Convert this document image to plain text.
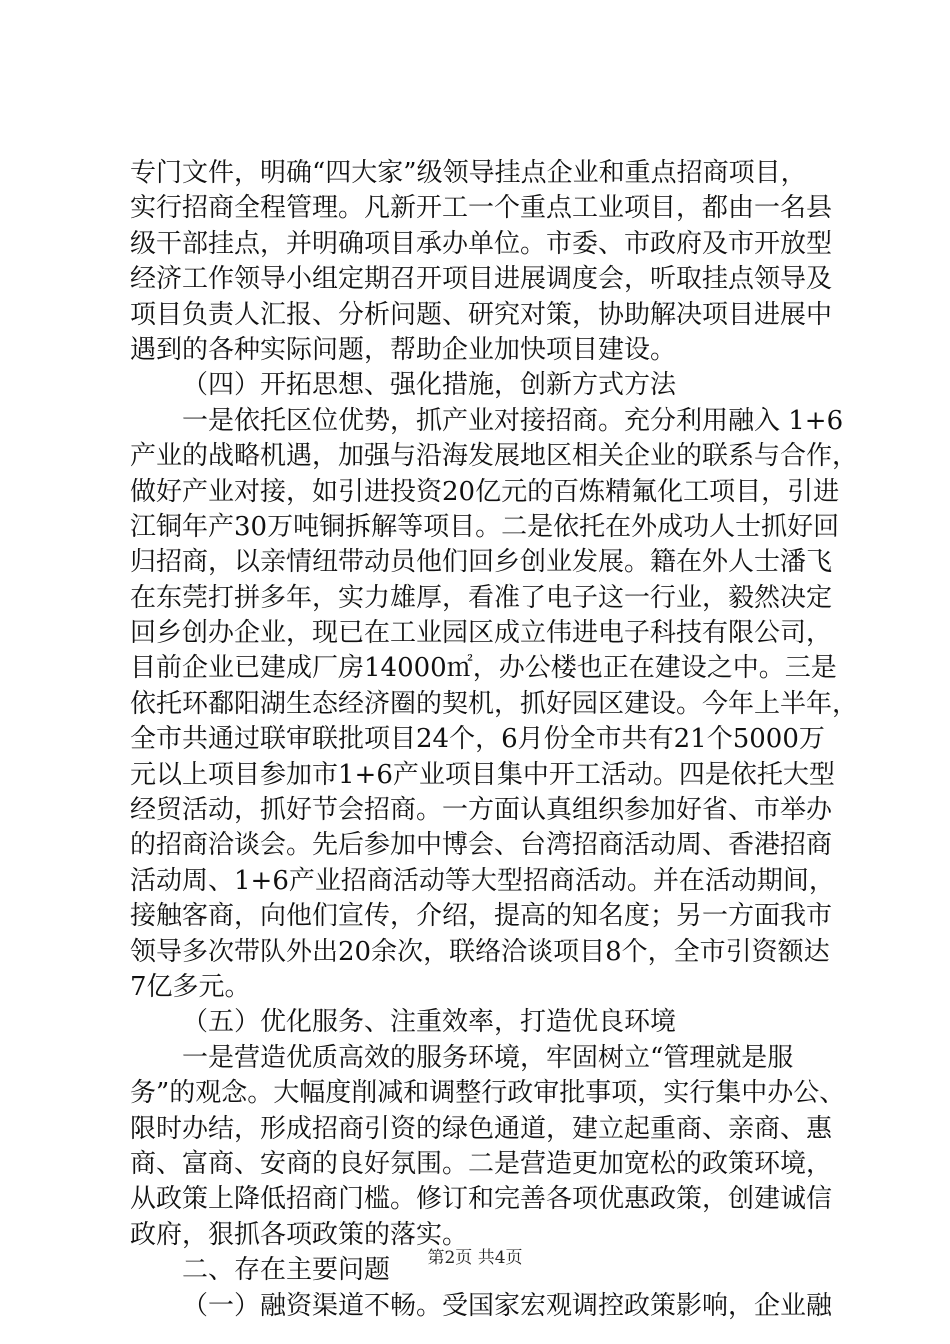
专门文件，明确“四大家”级领导挂点企业和重点招商项目，
实行招商全程管理。凡新开工一个重点工业项目，都由一名县
级干部挂点，并明确项目承办单位。市委、市政府及市开放型
经济工作领导小组定期召开项目进展调度会，听取挂点领导及
项目负责人汇报、分析问题、研究对策，协助解决项目进展中
遇到的各种实际问题，帮助企业加快项目建设。
（四）开拓思想、强化措施，创新方式方法
一是依托区位优势，抓产业对接招商。充分利用融入 1+6
产业的战略机遇，加强与沿海发展地区相关企业的联系与合作，
做好产业对接，如引进投资20亿元的百炼精氟化工项目，引进
江铜年产30万吨铜拆解等项目。二是依托在外成功人士抓好回
归招商，以亲情纽带动员他们回乡创业发展。籍在外人士潘飞
在东莞打拼多年，实力雄厚，看准了电子这一行业，毅然决定
回乡创办企业，现已在工业园区成立伟进电子科技有限公司，
目前企业已建成厂房14000㎡，办公楼也正在建设之中。三是
依托环鄱阳湖生态经济圈的契机，抓好园区建设。今年上半年，
全市共通过联审联批项目24个，6月份全市共有21个5000万
元以上项目参加市1+6产业项目集中开工活动。四是依托大型
经贸活动，抓好节会招商。一方面认真组织参加好省、市举办
的招商洽谈会。先后参加中博会、台湾招商活动周、香港招商
活动周、1+6产业招商活动等大型招商活动。并在活动期间，
接触客商，向他们宣传，介绍，提高的知名度；另一方面我市
领导多次带队外出20余次，联络洽谈项目8个，全市引资额达
7亿多元。
（五）优化服务、注重效率，打造优良环境
一是营造优质高效的服务环境，牢固树立“管理就是服
务”的观念。大幅度削减和调整行政审批事项，实行集中办公、
限时办结，形成招商引资的绿色通道，建立起重商、亲商、惠
商、富商、安商的良好氛围。二是营造更加宽松的政策环境，
从政策上降低招商门槛。修订和完善各项优惠政策，创建诚信
政府，狠抓各项政策的落实。
二、存在主要问题
（一）融资渠道不畅。受国家宏观调控政策影响，企业融
第2页 共4页
